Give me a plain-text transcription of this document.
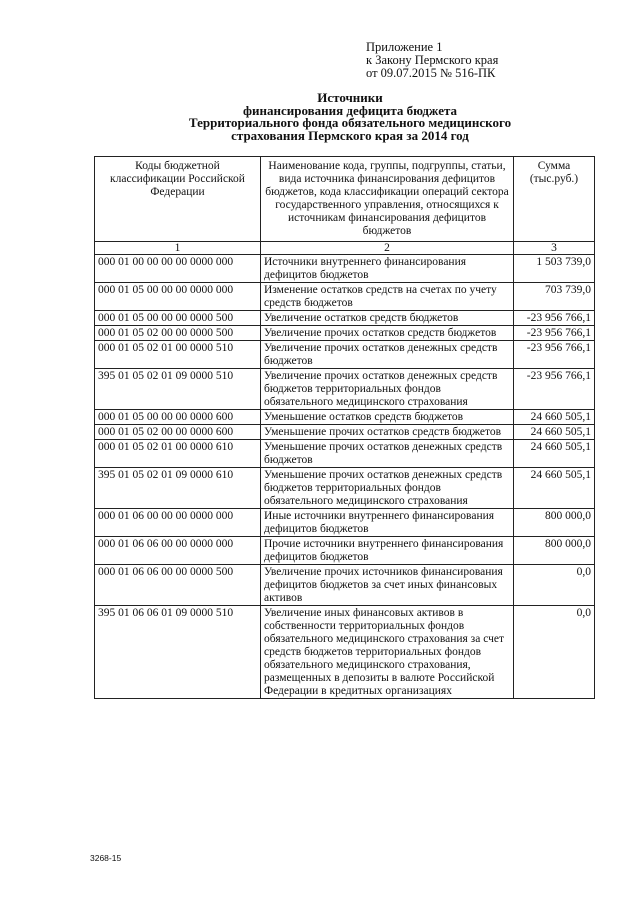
Приложение 1
к Закону Пермского края
от 09.07.2015 № 516-ПК
Источники
финансирования дефицита бюджета
Территориального фонда обязательного медицинского
страхования Пермского края за 2014 год
Коды бюджетной классификации Российской Федерации	Наименование кода, группы, подгруппы, статьи, вида источника финансирования дефицитов бюджетов, кода классификации операций сектора государственного управления, относящихся к источникам финансирования дефицитов бюджетов	Сумма (тыс.руб.)
1	2	3
000 01 00 00 00 00 0000 000	Источники внутреннего финансирования дефицитов бюджетов	1 503 739,0
000 01 05 00 00 00 0000 000	Изменение остатков средств на счетах по учету средств бюджетов	703 739,0
000 01 05 00 00 00 0000 500	Увеличение остатков средств бюджетов	-23 956 766,1
000 01 05 02 00 00 0000 500	Увеличение прочих остатков средств бюджетов	-23 956 766,1
000 01 05 02 01 00 0000 510	Увеличение прочих остатков денежных средств бюджетов	-23 956 766,1
395 01 05 02 01 09 0000 510	Увеличение прочих остатков денежных средств бюджетов территориальных фондов обязательного медицинского страхования	-23 956 766,1
000 01 05 00 00 00 0000 600	Уменьшение остатков средств бюджетов	24 660 505,1
000 01 05 02 00 00 0000 600	Уменьшение прочих остатков средств бюджетов	24 660 505,1
000 01 05 02 01 00 0000 610	Уменьшение прочих остатков денежных средств бюджетов	24 660 505,1
395 01 05 02 01 09 0000 610	Уменьшение прочих остатков денежных средств бюджетов территориальных фондов обязательного медицинского страхования	24 660 505,1
000 01 06 00 00 00 0000 000	Иные источники внутреннего финансирования дефицитов бюджетов	800 000,0
000 01 06 06 00 00 0000 000	Прочие источники внутреннего финансирования дефицитов бюджетов	800 000,0
000 01 06 06 00 00 0000 500	Увеличение прочих источников финансирования дефицитов бюджетов за счет иных финансовых активов	0,0
395 01 06 06 01 09 0000 510	Увеличение иных финансовых активов в собственности территориальных фондов обязательного медицинского страхования за счет средств бюджетов территориальных фондов обязательного медицинского страхования, размещенных в депозиты в валюте Российской Федерации в кредитных организациях	0,0
3268-15
